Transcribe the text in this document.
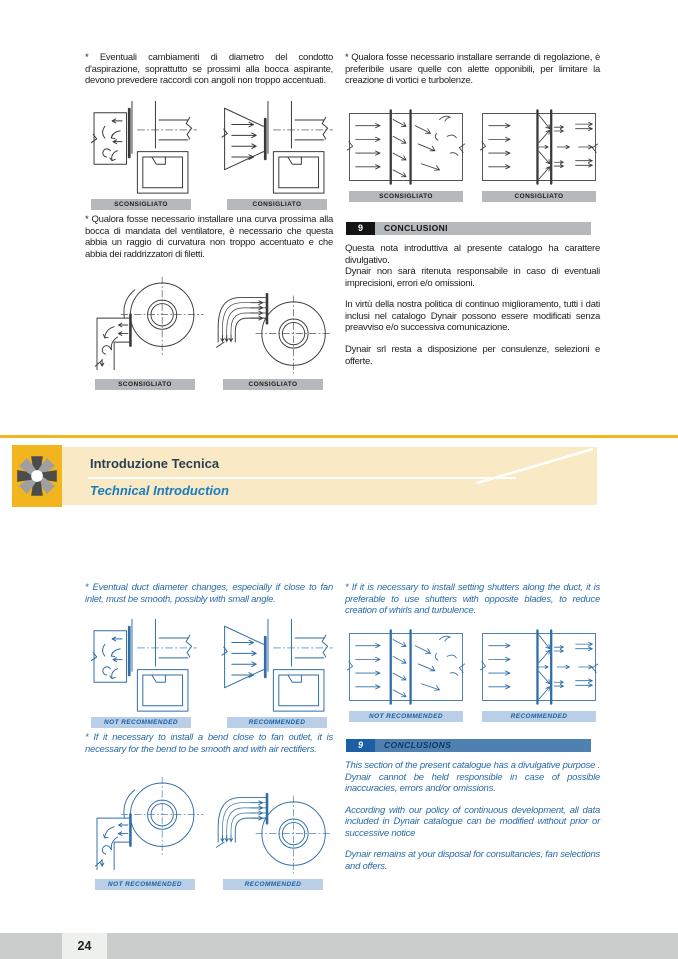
* Eventuali cambiamenti di diametro del condotto d'aspirazione, soprattutto se prossimi alla bocca aspirante, devono prevedere raccordi con angoli non troppo accentuati.
SCONSIGLIATO	CONSIGLIATO
* Qualora fosse necessario installare una curva prossima alla bocca di mandata del ventilatore, è necessario che questa abbia un raggio di curvatura non troppo accentuato e che abbia dei raddrizzatori di filetti.
SCONSIGLIATO	CONSIGLIATO
* Qualora fosse necessario installare serrande di regolazione, è preferibile usare quelle con alette opponibili, per limitare la creazione di vortici e turbolenze.
SCONSIGLIATO	CONSIGLIATO
9	CONCLUSIONI

Questa nota introduttiva al presente catalogo ha carattere divulgativo.

Dynair non sarà ritenuta responsabile in caso di eventuali imprecisioni, errori e/o omissioni.

In virtù della nostra politica di continuo miglioramento, tutti i dati inclusi nel catalogo Dynair possono essere modificati senza preavviso e/o successiva comunicazione.

Dynair srl resta a disposizione per consulenze, selezioni e offerte.

Introduzione Tecnica
Technical Introduction
* Eventual duct diameter changes, especially if close to fan inlet, must be smooth, possibly with small angle.
NOT RECOMMENDED	RECOMMENDED
* If it necessary to install a bend close to fan outlet, it is necessary for the bend to be smooth and with air rectifiers.
NOT RECOMMENDED	RECOMMENDED
* If it is necessary to install setting shutters along the duct, it is preferable to use shutters with opposite blades, to reduce creation of whirls and turbulence.
NOT RECOMMENDED	RECOMMENDED
9	CONCLUSIONS

This section of the present catalogue has a divulgative purpose . Dynair cannot be held responsible in case of possible inaccuracies, errors and/or omissions.

According with our policy of continuous development, all data included in Dynair catalogue can be modified without prior or successive notice

Dynair remains at your disposal for consultancies, fan selections and offers.

24
